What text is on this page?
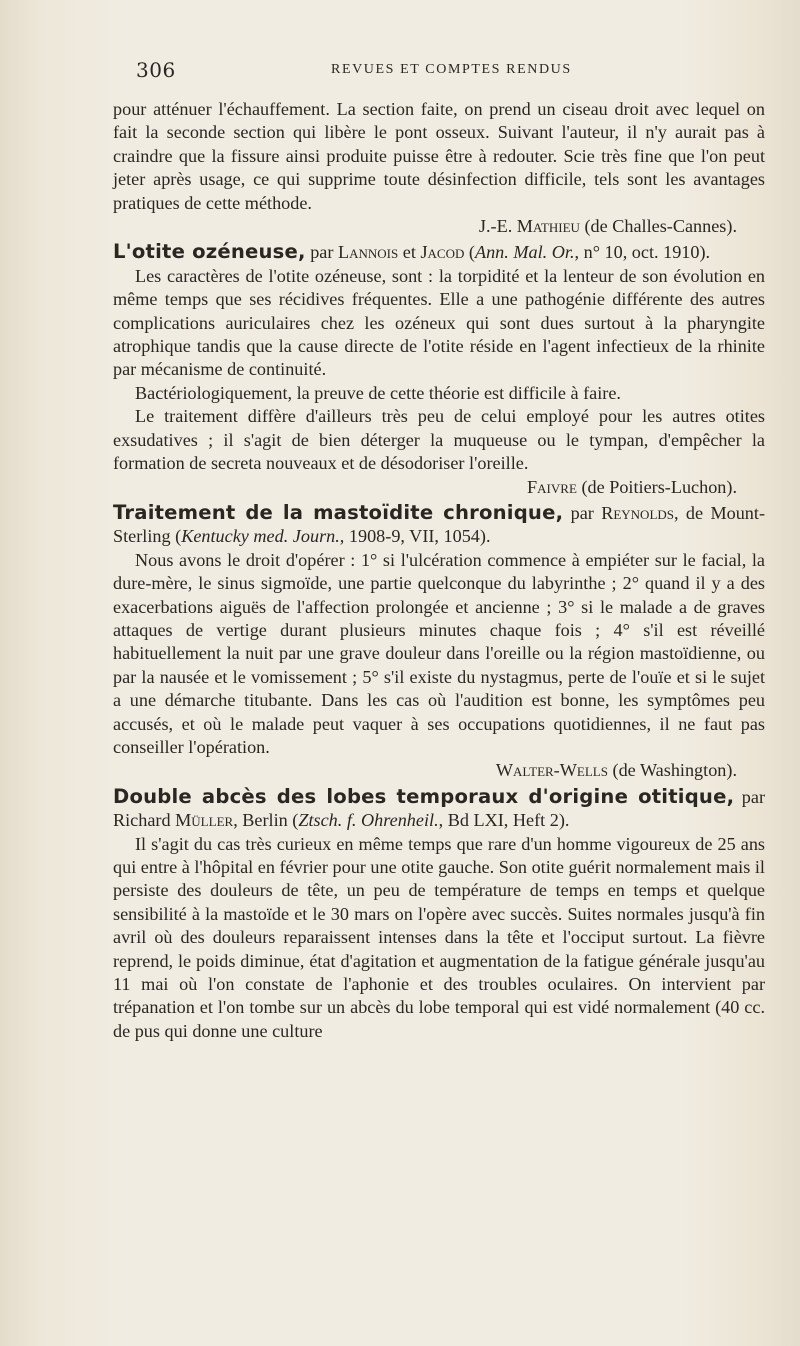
306	REVUES ET COMPTES RENDUS

pour atténuer l'échauffement. La section faite, on prend un ciseau droit avec lequel on fait la seconde section qui libère le pont osseux. Suivant l'auteur, il n'y aurait pas à craindre que la fissure ainsi produite puisse être à redouter. Scie très fine que l'on peut jeter après usage, ce qui supprime toute désinfection difficile, tels sont les avantages pratiques de cette méthode.

J.-E. Mathieu (de Challes-Cannes).

L'otite ozéneuse, par Lannois et Jacod (Ann. Mal. Or., n° 10, oct. 1910).

Les caractères de l'otite ozéneuse, sont : la torpidité et la lenteur de son évolution en même temps que ses récidives fréquentes. Elle a une pathogénie différente des autres complications auriculaires chez les ozéneux qui sont dues surtout à la pharyngite atrophique tandis que la cause directe de l'otite réside en l'agent infectieux de la rhinite par mécanisme de continuité.

Bactériologiquement, la preuve de cette théorie est difficile à faire.

Le traitement diffère d'ailleurs très peu de celui employé pour les autres otites exsudatives ; il s'agit de bien déterger la muqueuse ou le tympan, d'empêcher la formation de secreta nouveaux et de désodoriser l'oreille.

Faivre (de Poitiers-Luchon).

Traitement de la mastoïdite chronique, par Reynolds, de Mount-Sterling (Kentucky med. Journ., 1908-9, VII, 1054).

Nous avons le droit d'opérer : 1° si l'ulcération commence à empiéter sur le facial, la dure-mère, le sinus sigmoïde, une partie quelconque du labyrinthe ; 2° quand il y a des exacerbations aiguës de l'affection prolongée et ancienne ; 3° si le malade a de graves attaques de vertige durant plusieurs minutes chaque fois ; 4° s'il est réveillé habituellement la nuit par une grave douleur dans l'oreille ou la région mastoïdienne, ou par la nausée et le vomissement ; 5° s'il existe du nystagmus, perte de l'ouïe et si le sujet a une démarche titubante. Dans les cas où l'audition est bonne, les symptômes peu accusés, et où le malade peut vaquer à ses occupations quotidiennes, il ne faut pas conseiller l'opération.

Walter-Wells (de Washington).

Double abcès des lobes temporaux d'origine otitique, par Richard Müller, Berlin (Ztsch. f. Ohrenheil., Bd LXI, Heft 2).

Il s'agit du cas très curieux en même temps que rare d'un homme vigoureux de 25 ans qui entre à l'hôpital en février pour une otite gauche. Son otite guérit normalement mais il persiste des douleurs de tête, un peu de température de temps en temps et quelque sensibilité à la mastoïde et le 30 mars on l'opère avec succès. Suites normales jusqu'à fin avril où des douleurs reparaissent intenses dans la tête et l'occiput surtout. La fièvre reprend, le poids diminue, état d'agitation et augmentation de la fatigue générale jusqu'au 11 mai où l'on constate de l'aphonie et des troubles oculaires. On intervient par trépanation et l'on tombe sur un abcès du lobe temporal qui est vidé normalement (40 cc. de pus qui donne une culture
